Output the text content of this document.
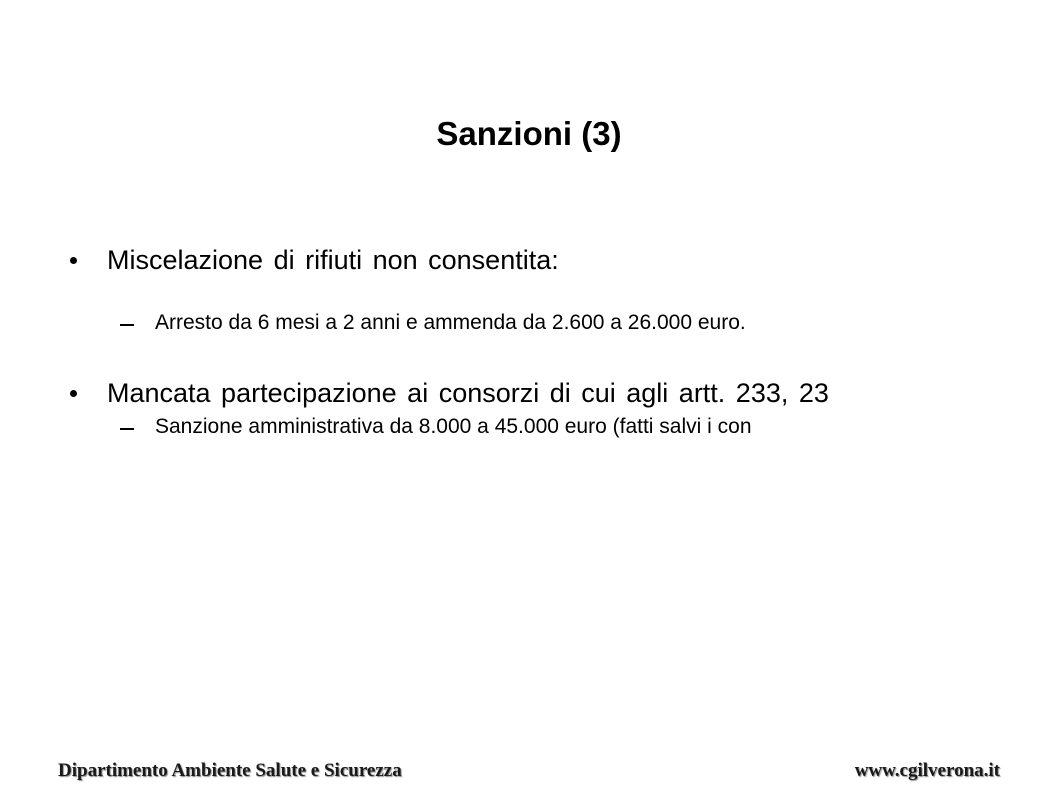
Sanzioni (3)
Miscelazione di rifiuti non consentita:
Arresto da 6 mesi a 2 anni e ammenda da 2.600 a 26.000 euro.
Mancata partecipazione ai consorzi di cui agli artt. 233, 23
Sanzione amministrativa da 8.000 a 45.000 euro (fatti salvi i con
Dipartimento Ambiente Salute e Sicurezza	www.cgilverona.it
